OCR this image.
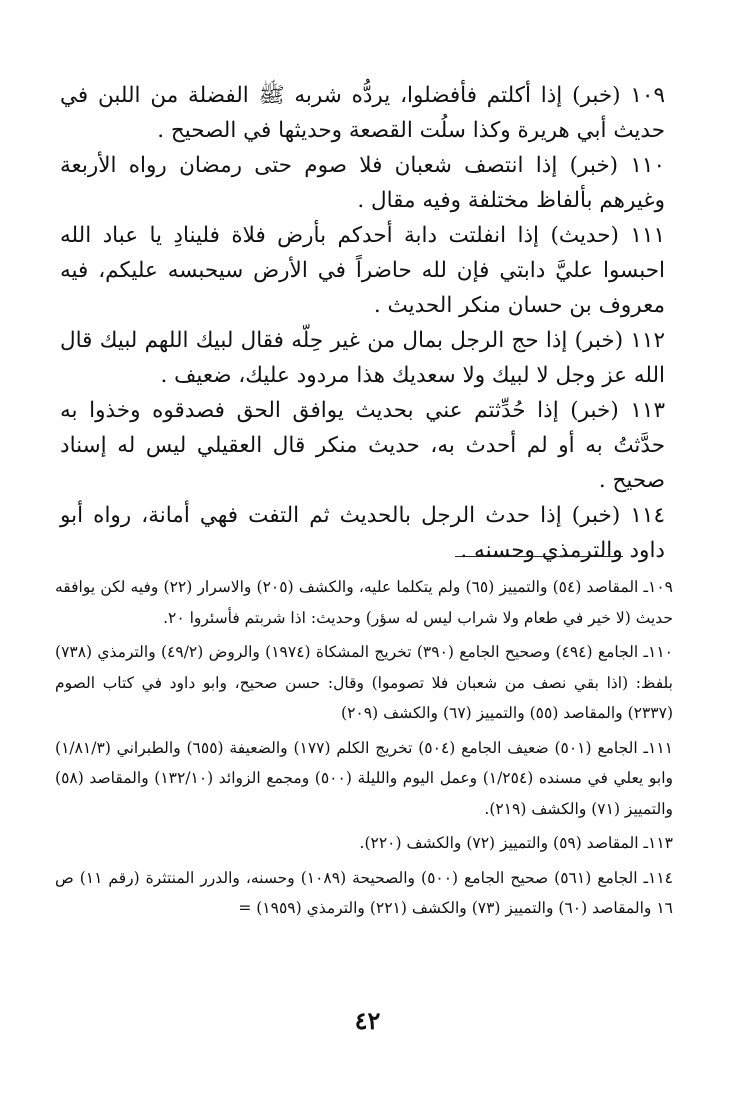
١٠٩ (خبر) إذا أكلتم فأفضلوا، يردُّه شربه ﷺ الفضلة من اللبن في حديث أبي هريرة وكذا سلُت القصعة وحديثها في الصحيح .

١١٠ (خبر) إذا انتصف شعبان فلا صوم حتى رمضان رواه الأربعة وغيرهم بألفاظ مختلفة وفيه مقال .

١١١ (حديث) إذا انفلتت دابة أحدكم بأرض فلاة فلينادِ يا عباد الله احبسوا عليَّ دابتي فإن لله حاضراً في الأرض سيحبسه عليكم، فيه معروف بن حسان منكر الحديث .

١١٢ (خبر) إذا حج الرجل بمال من غير حِلّه فقال لبيك اللهم لبيك قال الله عز وجل لا لبيك ولا سعديك هذا مردود عليك، ضعيف .

١١٣ (خبر) إذا حُدِّثتم عني بحديث يوافق الحق فصدقوه وخذوا به حدَّثتُ به أو لم أحدث به، حديث منكر قال العقيلي ليس له إسناد صحيح .

١١٤ (خبر) إذا حدث الرجل بالحديث ثم التفت فهي أمانة، رواه أبو داود والترمذي وحسنه .

١٠٩ـ المقاصد (٥٤) والتمييز (٦٥) ولم يتكلما عليه، والكشف (٢٠٥) والاسرار (٢٢) وفيه لكن يوافقه حديث (لا خير في طعام ولا شراب ليس له سؤر) وحديث: اذا شربتم فأسئروا ٢٠.

١١٠ـ الجامع (٤٩٤) وصحيح الجامع (٣٩٠) تخريج المشكاة (١٩٧٤) والروض (٤٩/٢) والترمذي (٧٣٨) بلفظ: (اذا بقي نصف من شعبان فلا تصوموا) وقال: حسن صحيح، وابو داود في كتاب الصوم (٢٣٣٧) والمقاصد (٥٥) والتمييز (٦٧) والكشف (٢٠٩)

١١١ـ الجامع (٥٠١) ضعيف الجامع (٥٠٤) تخريج الكلم (١٧٧) والضعيفة (٦٥٥) والطبراني (١/٨١/٣) وابو يعلي في مسنده (١/٢٥٤) وعمل اليوم والليلة (٥٠٠) ومجمع الزوائد (١٣٢/١٠) والمقاصد (٥٨) والتمييز (٧١) والكشف (٢١٩).

١١٣ـ المقاصد (٥٩) والتمييز (٧٢) والكشف (٢٢٠).

١١٤ـ الجامع (٥٦١) صحيح الجامع (٥٠٠) والصحيحة (١٠٨٩) وحسنه، والدرر المنتثرة (رقم ١١) ص ١٦ والمقاصد (٦٠) والتمييز (٧٣) والكشف (٢٢١) والترمذي (١٩٥٩) =

٤٢
